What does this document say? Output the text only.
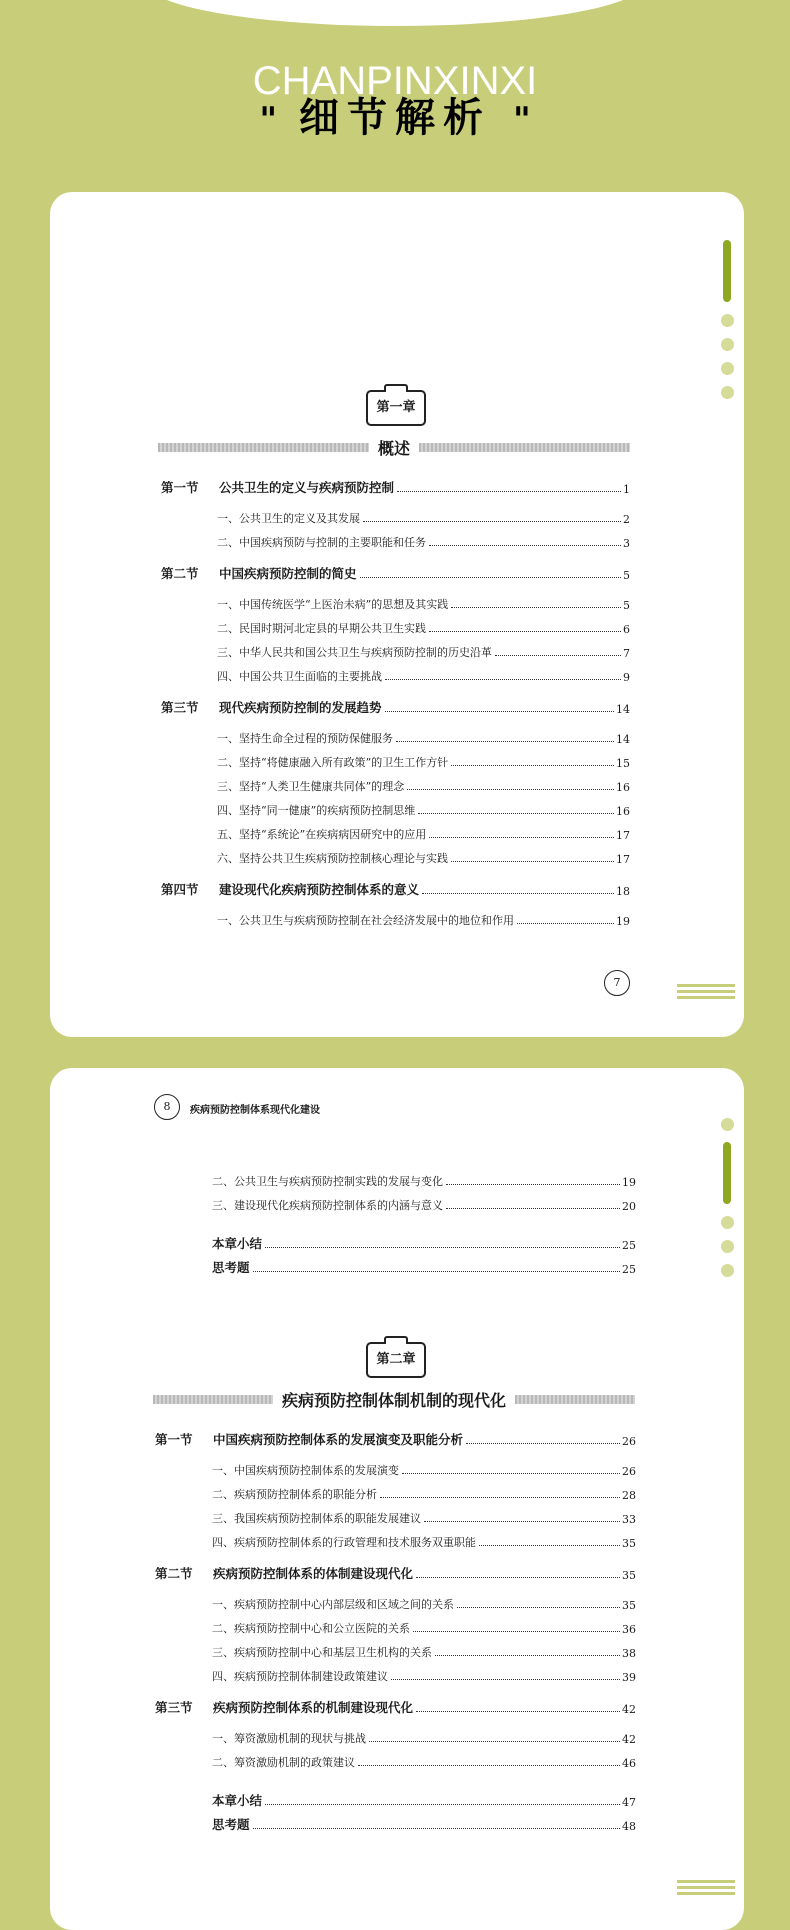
CHANPINXINXI
" 细节解析 "
第一章
概述
第一节	公共卫生的定义与疾病预防控制	1
一、公共卫生的定义及其发展	2
二、中国疾病预防与控制的主要职能和任务	3
第二节	中国疾病预防控制的简史	5
一、中国传统医学“上医治未病”的思想及其实践	5
二、民国时期河北定县的早期公共卫生实践	6
三、中华人民共和国公共卫生与疾病预防控制的历史沿革	7
四、中国公共卫生面临的主要挑战	9
第三节	现代疾病预防控制的发展趋势	14
一、坚持生命全过程的预防保健服务	14
二、坚持“将健康融入所有政策”的卫生工作方针	15
三、坚持“人类卫生健康共同体”的理念	16
四、坚持“同一健康”的疾病预防控制思维	16
五、坚持“系统论”在疾病病因研究中的应用	17
六、坚持公共卫生疾病预防控制核心理论与实践	17
第四节	建设现代化疾病预防控制体系的意义	18
一、公共卫生与疾病预防控制在社会经济发展中的地位和作用	19
7
8	疾病预防控制体系现代化建设
二、公共卫生与疾病预防控制实践的发展与变化	19
三、建设现代化疾病预防控制体系的内涵与意义	20
本章小结	25
思考题	25
第二章
疾病预防控制体制机制的现代化
第一节	中国疾病预防控制体系的发展演变及职能分析	26
一、中国疾病预防控制体系的发展演变	26
二、疾病预防控制体系的职能分析	28
三、我国疾病预防控制体系的职能发展建议	33
四、疾病预防控制体系的行政管理和技术服务双重职能	35
第二节	疾病预防控制体系的体制建设现代化	35
一、疾病预防控制中心内部层级和区域之间的关系	35
二、疾病预防控制中心和公立医院的关系	36
三、疾病预防控制中心和基层卫生机构的关系	38
四、疾病预防控制体制建设政策建议	39
第三节	疾病预防控制体系的机制建设现代化	42
一、筹资激励机制的现状与挑战	42
二、筹资激励机制的政策建议	46
本章小结	47
思考题	48
